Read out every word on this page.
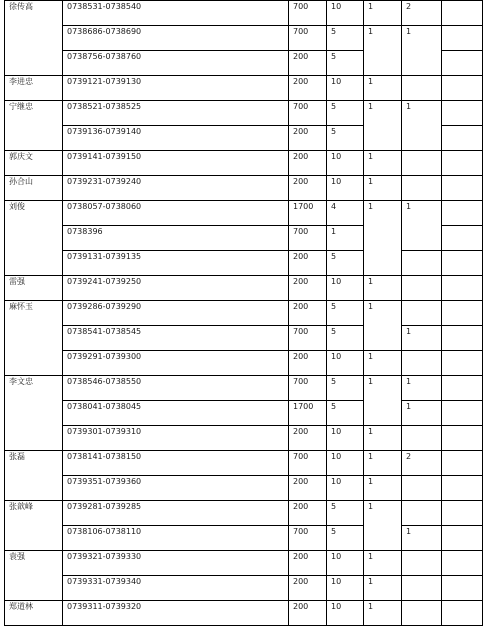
徐传高	0738531-0738540	700	10	1	2	
	0738686-0738690	700	5	1	1	
	0738756-0738760	200	5			
李进忠	0739121-0739130	200	10	1		
宁继忠	0738521-0738525	700	5	1	1	
	0739136-0739140	200	5			
郭庆文	0739141-0739150	200	10	1		
孙合山	0739231-0739240	200	10	1		
刘俊	0738057-0738060	1700	4	1	1	
	0738396	700	1			
	0739131-0739135	200	5			
雷强	0739241-0739250	200	10	1		
麻怀玉	0739286-0739290	200	5	1		
	0738541-0738545	700	5		1	
	0739291-0739300	200	10	1		
李文忠	0738546-0738550	700	5	1	1	
	0738041-0738045	1700	5		1	
	0739301-0739310	200	10	1		
张磊	0738141-0738150	700	10	1	2	
	0739351-0739360	200	10	1		
张歆峰	0739281-0739285	200	5	1		
	0738106-0738110	700	5		1	
袁强	0739321-0739330	200	10	1		
	0739331-0739340	200	10	1		
郑道林	0739311-0739320	200	10	1		
